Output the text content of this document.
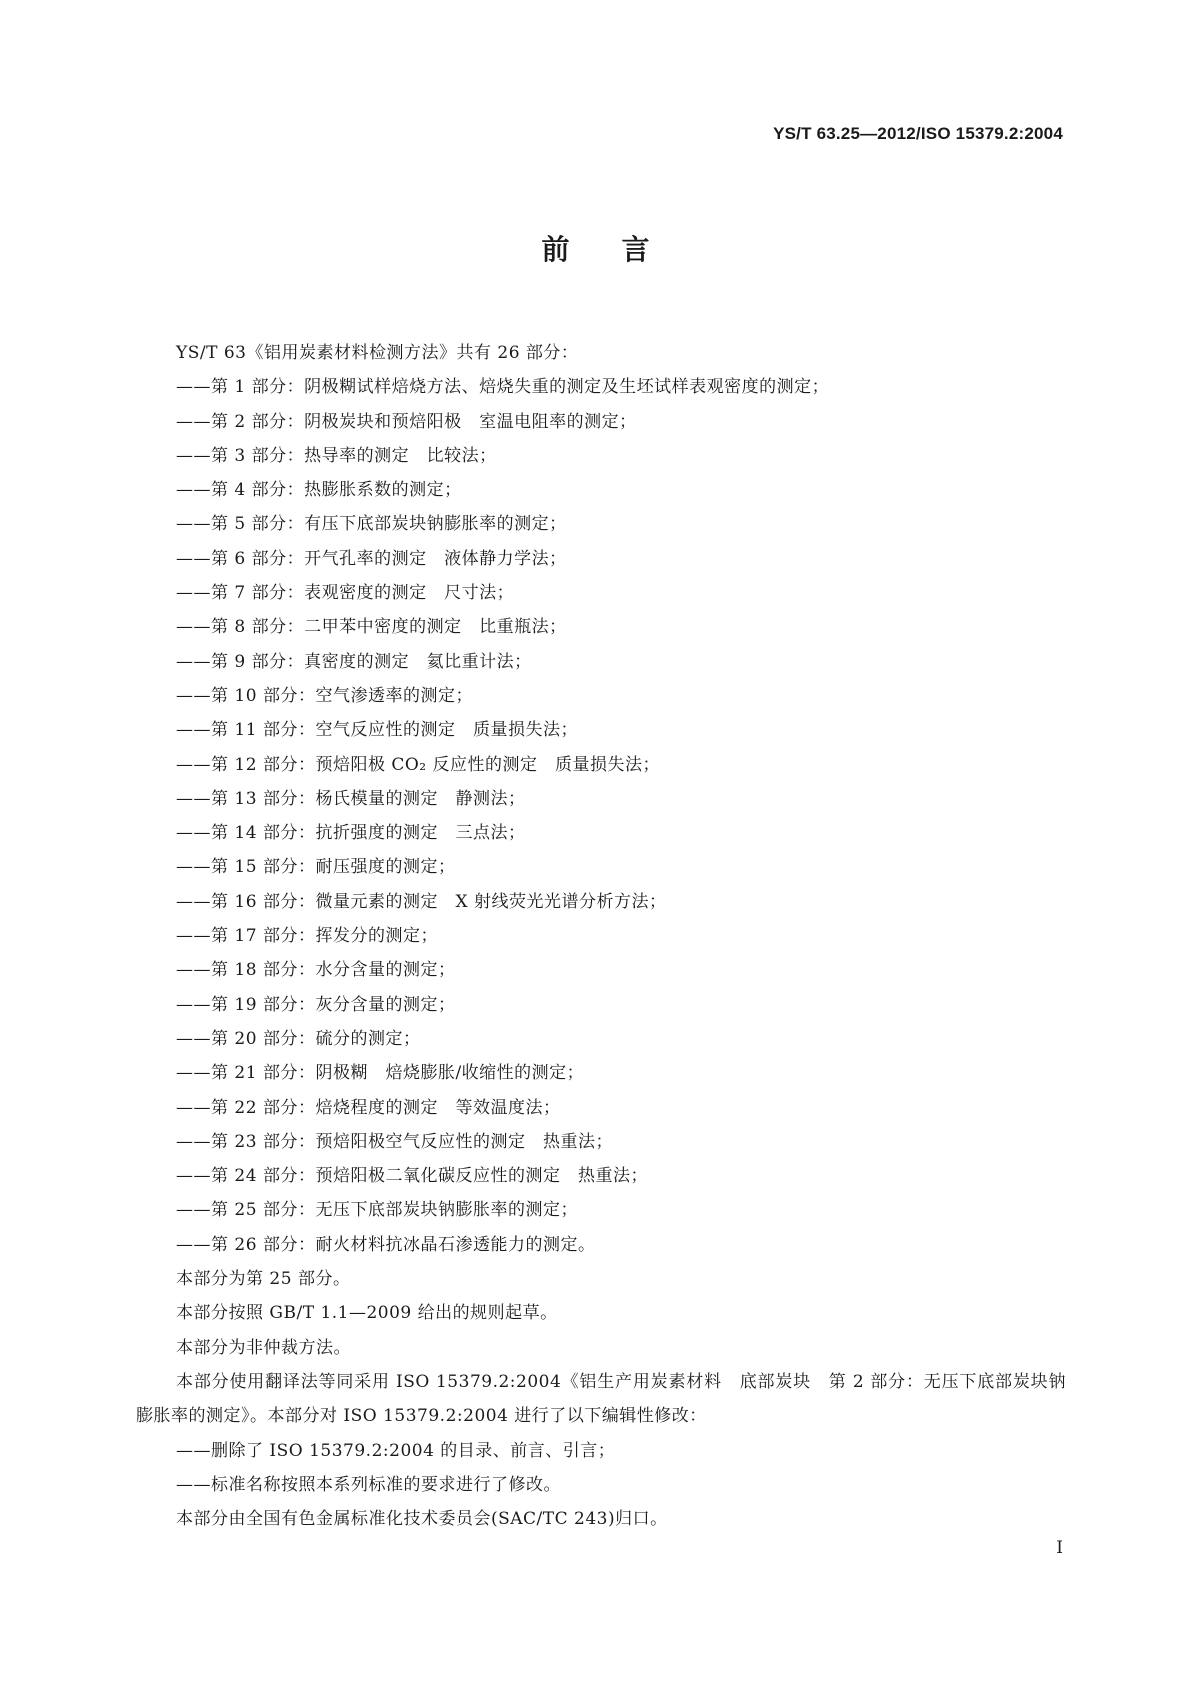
YS/T 63.25—2012/ISO 15379.2:2004
前言
YS/T 63《铝用炭素材料检测方法》共有 26 部分：
——第 1 部分：阴极糊试样焙烧方法、焙烧失重的测定及生坯试样表观密度的测定；
——第 2 部分：阴极炭块和预焙阳极　室温电阻率的测定；
——第 3 部分：热导率的测定　比较法；
——第 4 部分：热膨胀系数的测定；
——第 5 部分：有压下底部炭块钠膨胀率的测定；
——第 6 部分：开气孔率的测定　液体静力学法；
——第 7 部分：表观密度的测定　尺寸法；
——第 8 部分：二甲苯中密度的测定　比重瓶法；
——第 9 部分：真密度的测定　氦比重计法；
——第 10 部分：空气渗透率的测定；
——第 11 部分：空气反应性的测定　质量损失法；
——第 12 部分：预焙阳极 CO₂ 反应性的测定　质量损失法；
——第 13 部分：杨氏模量的测定　静测法；
——第 14 部分：抗折强度的测定　三点法；
——第 15 部分：耐压强度的测定；
——第 16 部分：微量元素的测定　X 射线荧光光谱分析方法；
——第 17 部分：挥发分的测定；
——第 18 部分：水分含量的测定；
——第 19 部分：灰分含量的测定；
——第 20 部分：硫分的测定；
——第 21 部分：阴极糊　焙烧膨胀/收缩性的测定；
——第 22 部分：焙烧程度的测定　等效温度法；
——第 23 部分：预焙阳极空气反应性的测定　热重法；
——第 24 部分：预焙阳极二氧化碳反应性的测定　热重法；
——第 25 部分：无压下底部炭块钠膨胀率的测定；
——第 26 部分：耐火材料抗冰晶石渗透能力的测定。
本部分为第 25 部分。
本部分按照 GB/T 1.1—2009 给出的规则起草。
本部分为非仲裁方法。
本部分使用翻译法等同采用 ISO 15379.2:2004《铝生产用炭素材料　底部炭块　第 2 部分：无压下底部炭块钠膨胀率的测定》。本部分对 ISO 15379.2:2004 进行了以下编辑性修改：
——删除了 ISO 15379.2:2004 的目录、前言、引言；
——标准名称按照本系列标准的要求进行了修改。
本部分由全国有色金属标准化技术委员会(SAC/TC 243)归口。
I
